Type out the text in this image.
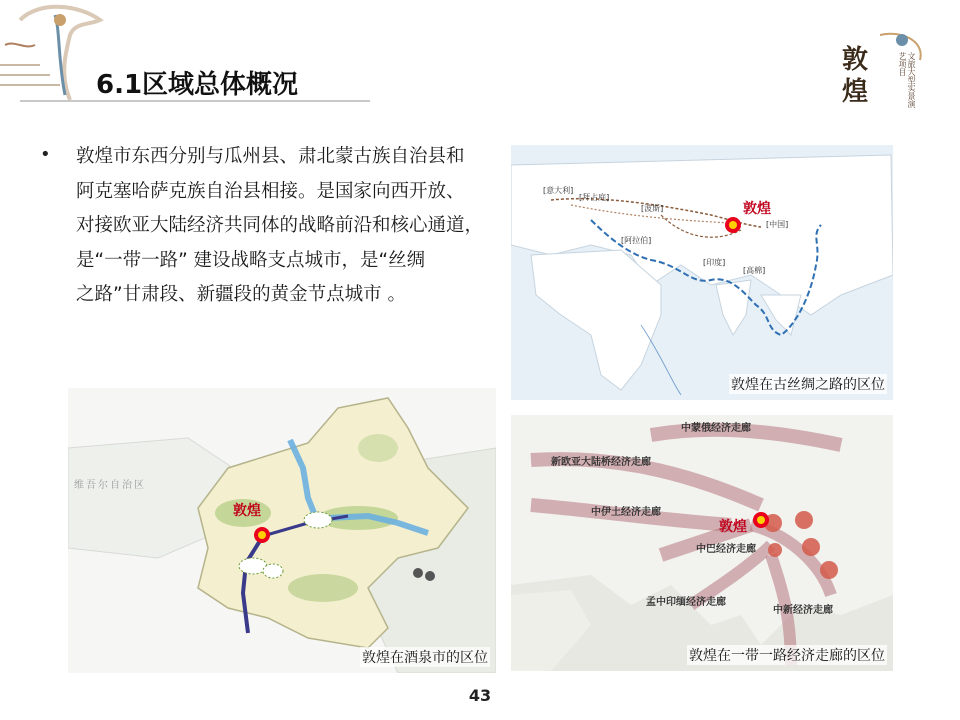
6.1区域总体概况
敦
煌	文旅大型实景演艺项目
• 敦煌市东西分别与瓜州县、肃北蒙古族自治县和
阿克塞哈萨克族自治县相接。是国家向西开放、
对接欧亚大陆经济共同体的战略前沿和核心通道，
是“一带一路” 建设战略支点城市，是“丝绸
之路”甘肃段、新疆段的黄金节点城市 。
[意大利]
[拜占庭]
[波斯]
[阿拉伯]
[印度]
[中国]
[高棉]
敦煌
敦煌在古丝绸之路的区位
维吾尔自治区
敦煌
敦煌在酒泉市的区位
中蒙俄经济走廊
新欧亚大陆桥经济走廊
中伊土经济走廊
中巴经济走廊
孟中印缅经济走廊
中新经济走廊
敦煌
敦煌在一带一路经济走廊的区位
43
